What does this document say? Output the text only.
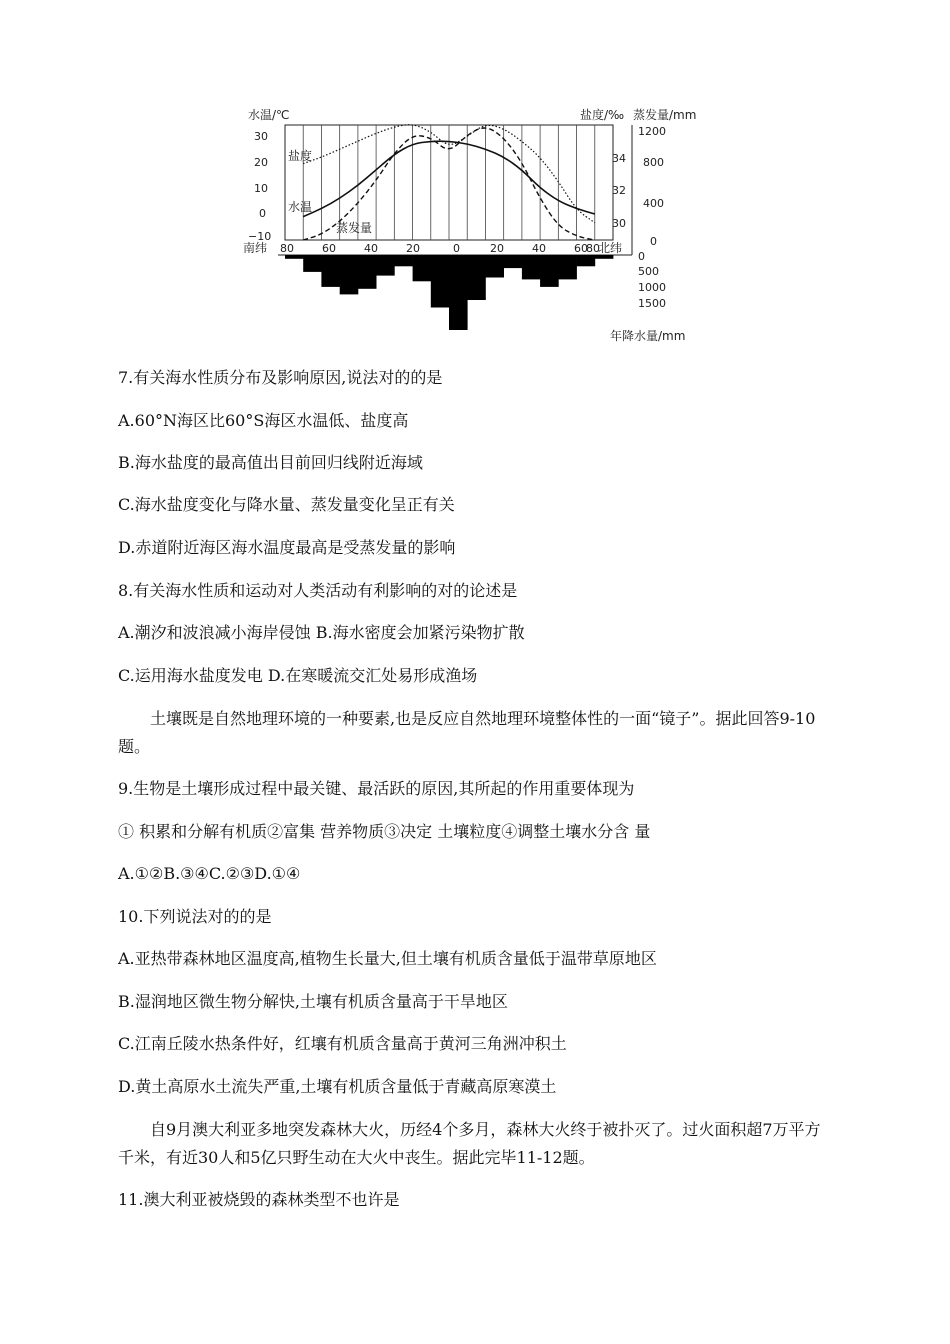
水温/℃	盐度/‰ 蒸发量/mm
年降水量/mm
30
20
10
0
−10
34
32
30
1200
800
400
0
南纬	北纬
80	60	40	20	0	20	40	60
80
0
500
1000
1500
盐度
水温
蒸发量
7.有关海水性质分布及影响原因,说法对的的是
A.60°N海区比60°S海区水温低、盐度高
B.海水盐度的最高值出目前回归线附近海域
C.海水盐度变化与降水量、蒸发量变化呈正有关
D.赤道附近海区海水温度最高是受蒸发量的影响
8.有关海水性质和运动对人类活动有利影响的对的论述是
A.潮汐和波浪减小海岸侵蚀 B.海水密度会加紧污染物扩散
C.运用海水盐度发电 D.在寒暖流交汇处易形成渔场
土壤既是自然地理环境的一种要素,也是反应自然地理环境整体性的一面“镜子”。据此回答9-10题。
9.生物是土壤形成过程中最关键、最活跃的原因,其所起的作用重要体现为
① 积累和分解有机质②富集 营养物质③决定 土壤粒度④调整土壤水分含 量
A.①②B.③④C.②③D.①④
10.下列说法对的的是
A.亚热带森林地区温度高,植物生长量大,但土壤有机质含量低于温带草原地区
B.湿润地区微生物分解快,土壤有机质含量高于干旱地区
C.江南丘陵水热条件好，红壤有机质含量高于黄河三角洲冲积土
D.黄土高原水土流失严重,土壤有机质含量低于青藏高原寒漠土
自9月澳大利亚多地突发森林大火，历经4个多月，森林大火终于被扑灭了。过火面积超7万平方千米，有近30人和5亿只野生动在大火中丧生。据此完毕11-12题。
11.澳大利亚被烧毁的森林类型不也许是
